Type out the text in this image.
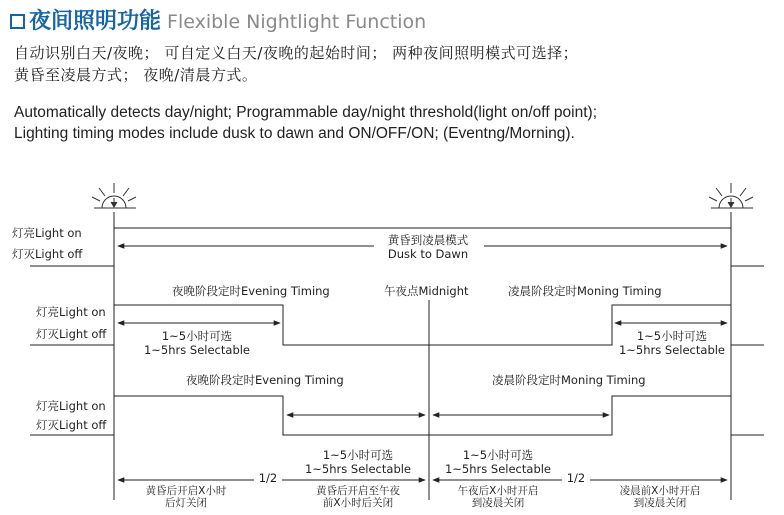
夜间照明功能 Flexible Nightlight Function
自动识别白天/夜晚； 可自定义白天/夜晚的起始时间； 两种夜间照明模式可选择；
黄昏至凌晨方式； 夜晚/清晨方式。
Automatically detects day/night; Programmable day/night threshold(light on/off point);
Lighting timing modes include dusk to dawn and ON/OFF/ON; (Eventng/Morning).
灯亮Light on
灯灭Light off
黄昏到凌晨模式
Dusk to Dawn
夜晚阶段定时Evening Timing	午夜点Midnight	凌晨阶段定时Moning Timing
灯亮Light on
灯灭Light off	1~5小时可选
1~5hrs Selectable
1~5小时可选
1~5hrs Selectable
夜晚阶段定时Evening Timing	凌晨阶段定时Moning Timing
灯亮Light on
灯灭Light off
1~5小时可选
1~5hrs Selectable
1~5小时可选
1~5hrs Selectable
1/2	1/2
黄昏后开启X小时
后灯关闭
黄昏后开启至午夜
前X小时后关闭
午夜后X小时开启
到凌晨关闭
凌晨前X小时开启
到凌晨关闭
